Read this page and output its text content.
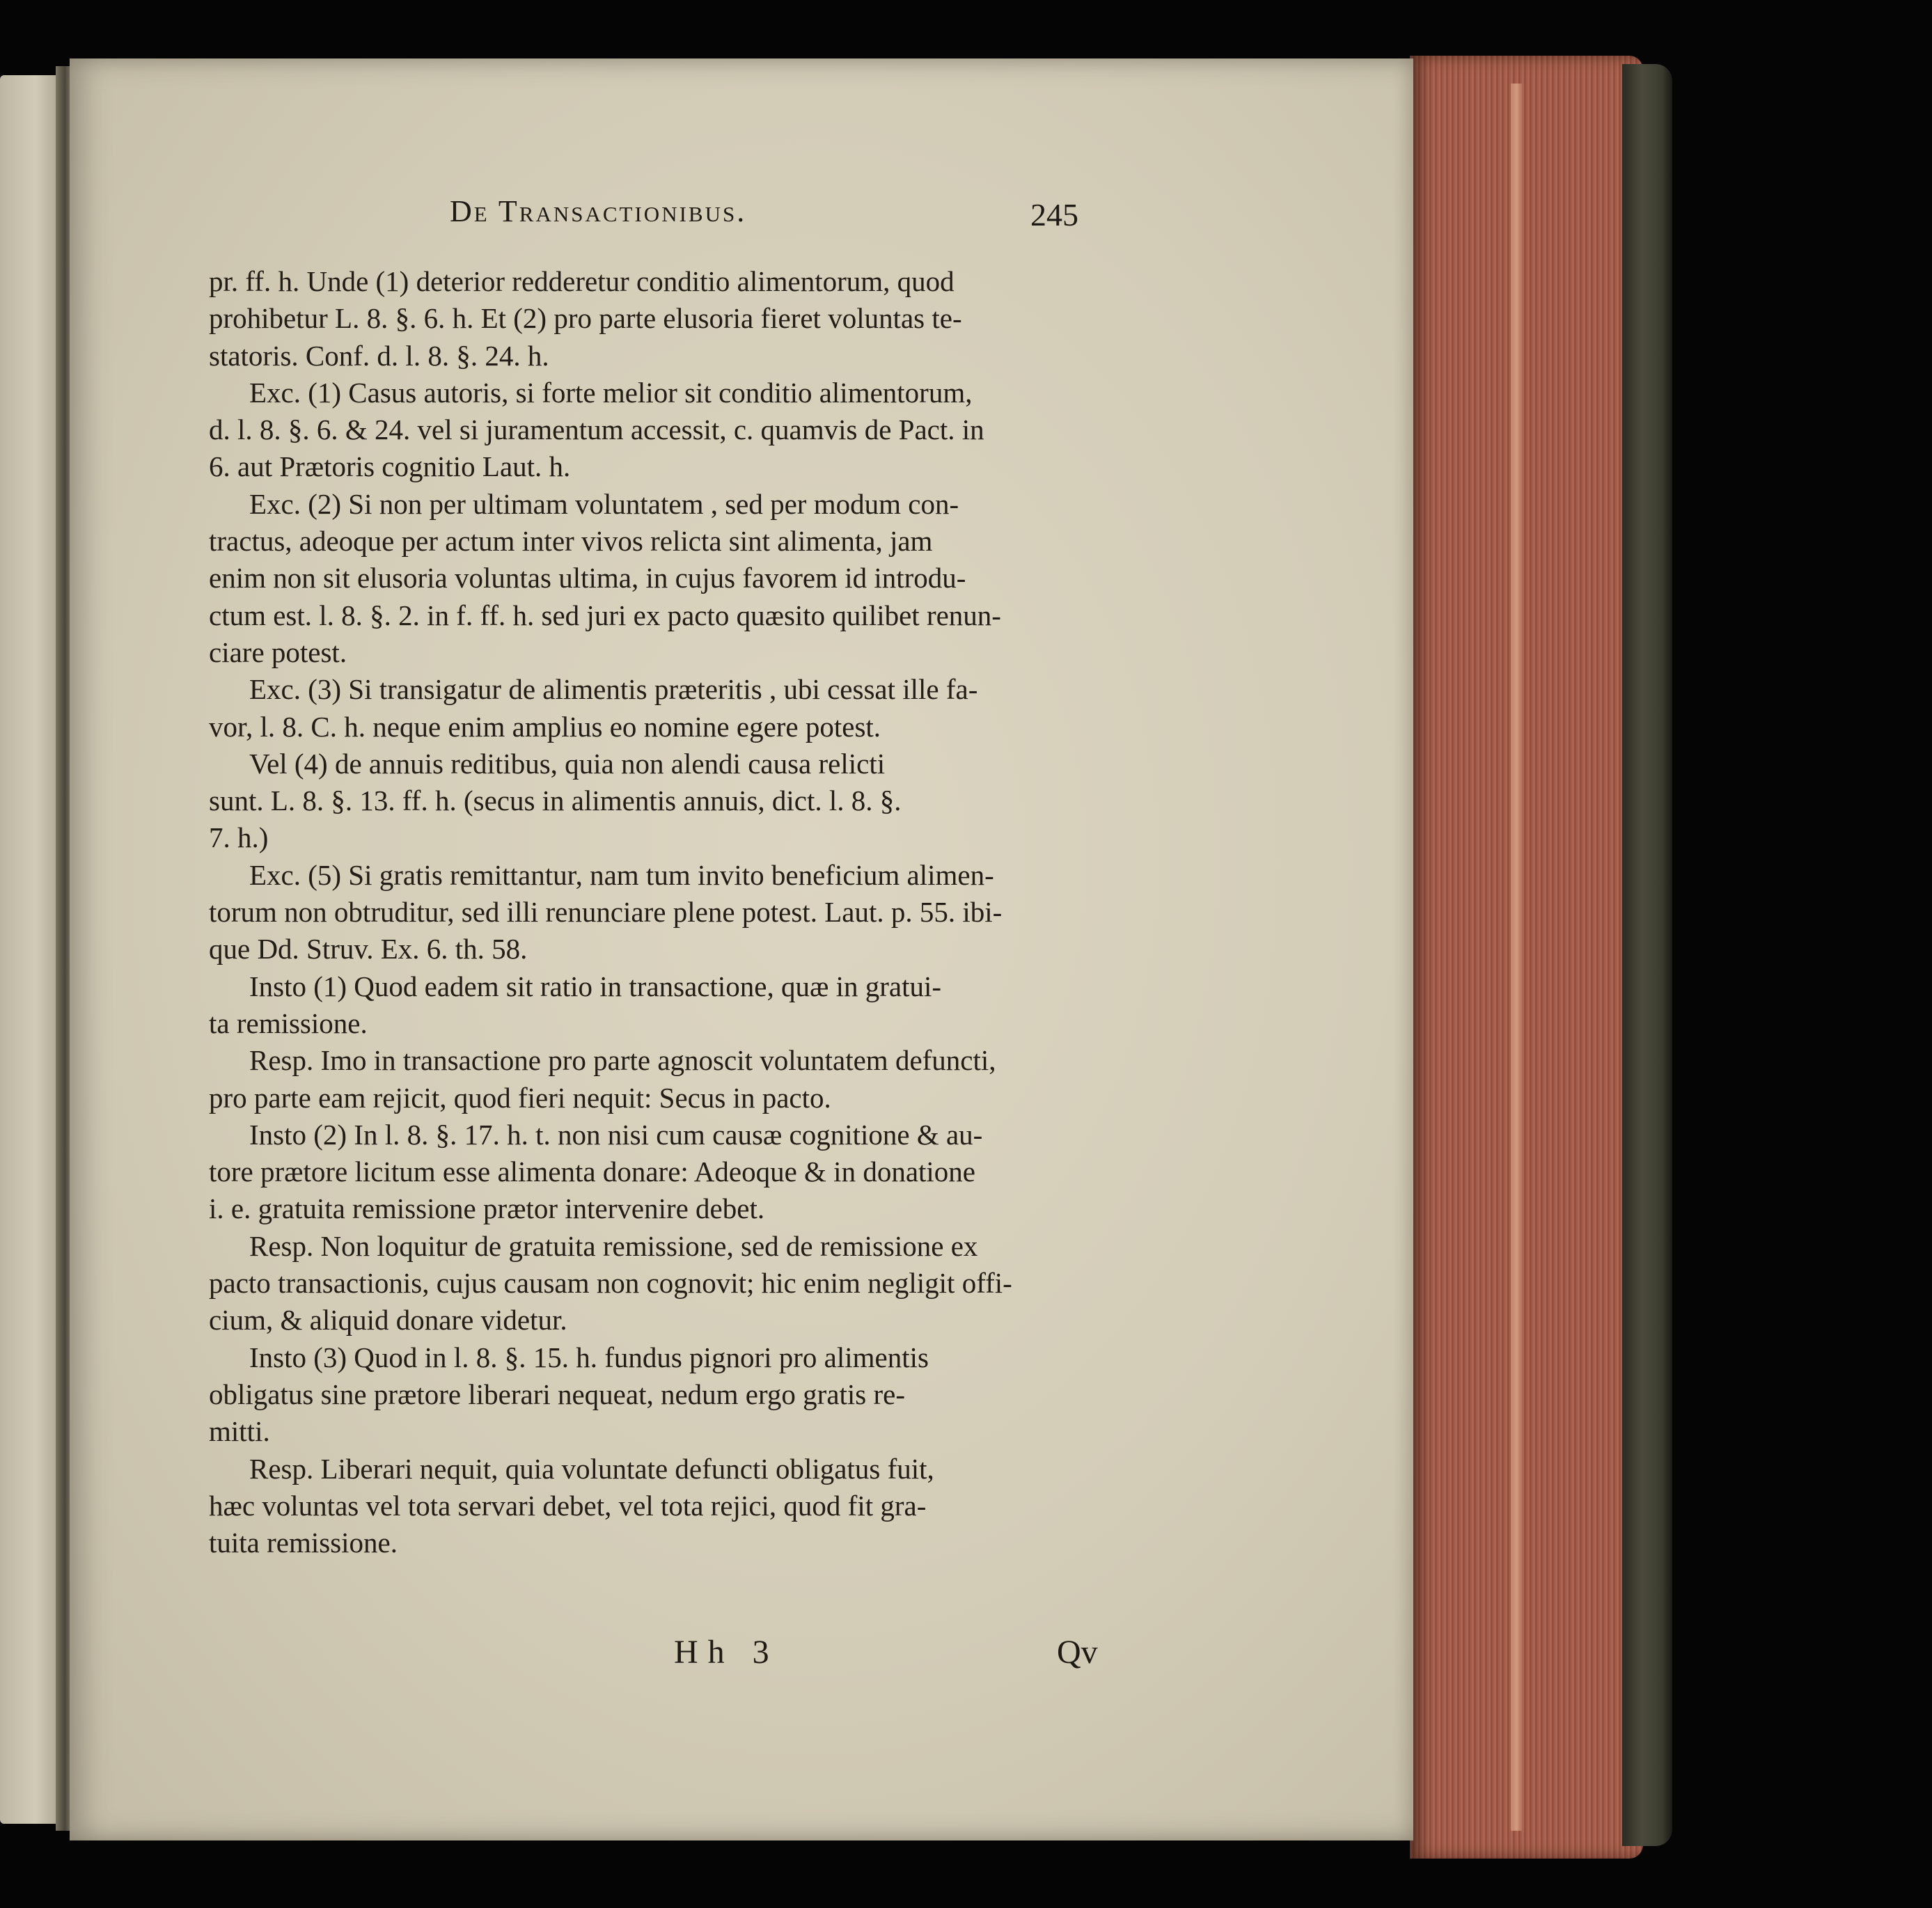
De Transactionibus.	245
pr. ff. h. Unde (1) deterior redderetur conditio alimentorum, quod
prohibetur L. 8. §. 6. h. Et (2) pro parte elusoria fieret voluntas te-
statoris. Conf. d. l. 8. §. 24. h.
Exc. (1) Casus autoris, si forte melior sit conditio alimentorum,
d. l. 8. §. 6. & 24. vel si juramentum accessit, c. quamvis de Pact. in
6. aut Prætoris cognitio Laut. h.
Exc. (2) Si non per ultimam voluntatem , sed per modum con-
tractus, adeoque per actum inter vivos relicta sint alimenta, jam
enim non sit elusoria voluntas ultima, in cujus favorem id introdu-
ctum est. l. 8. §. 2. in f. ff. h. sed juri ex pacto quæsito quilibet renun-
ciare potest.
Exc. (3) Si transigatur de alimentis præteritis , ubi cessat ille fa-
vor, l. 8. C. h. neque enim amplius eo nomine egere potest.
Vel (4) de annuis reditibus, quia non alendi causa relicti
sunt. L. 8. §. 13. ff. h. (secus in alimentis annuis, dict. l. 8. §.
7. h.)
Exc. (5) Si gratis remittantur, nam tum invito beneficium alimen-
torum non obtruditur, sed illi renunciare plene potest. Laut. p. 55. ibi-
que Dd. Struv. Ex. 6. th. 58.
Insto (1) Quod eadem sit ratio in transactione, quæ in gratui-
ta remissione.
Resp. Imo in transactione pro parte agnoscit voluntatem defuncti,
pro parte eam rejicit, quod fieri nequit: Secus in pacto.
Insto (2) In l. 8. §. 17. h. t. non nisi cum causæ cognitione & au-
tore prætore licitum esse alimenta donare: Adeoque & in donatione
i. e. gratuita remissione prætor intervenire debet.
Resp. Non loquitur de gratuita remissione, sed de remissione ex
pacto transactionis, cujus causam non cognovit; hic enim negligit offi-
cium, & aliquid donare videtur.
Insto (3) Quod in l. 8. §. 15. h. fundus pignori pro alimentis
obligatus sine prætore liberari nequeat, nedum ergo gratis re-
mitti.
Resp. Liberari nequit, quia voluntate defuncti obligatus fuit,
hæc voluntas vel tota servari debet, vel tota rejici, quod fit gra-
tuita remissione.
Hh 3	Qv
